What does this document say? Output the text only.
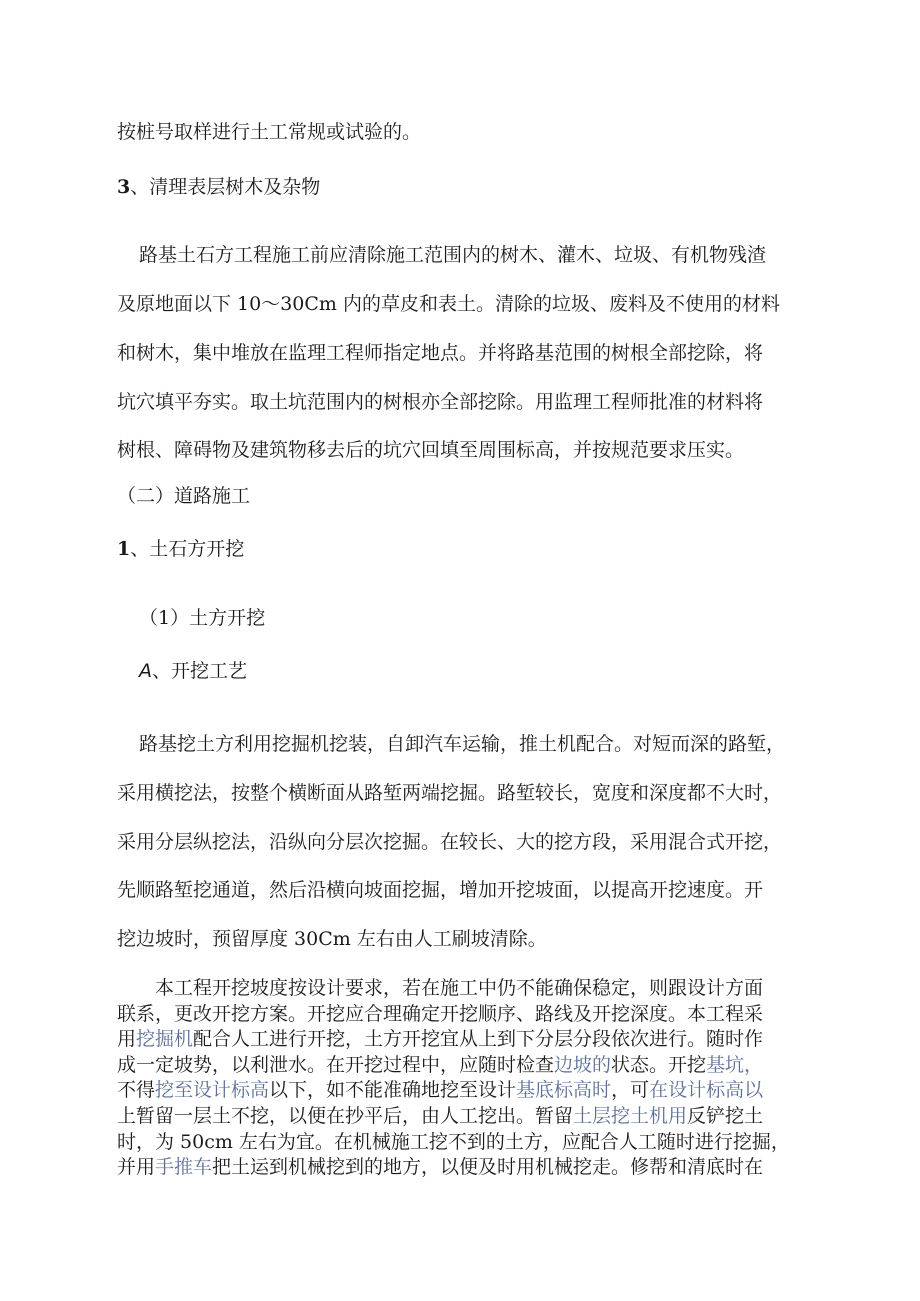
按桩号取样进行土工常规或试验的。
3、清理表层树木及杂物
路基土石方工程施工前应清除施工范围内的树木、灌木、垃圾、有机物残渣
及原地面以下 10～30Cm 内的草皮和表土。清除的垃圾、废料及不使用的材料
和树木，集中堆放在监理工程师指定地点。并将路基范围的树根全部挖除，将
坑穴填平夯实。取土坑范围内的树根亦全部挖除。用监理工程师批准的材料将
树根、障碍物及建筑物移去后的坑穴回填至周围标高，并按规范要求压实。
（二）道路施工
1、土石方开挖
（1）土方开挖
A、开挖工艺
路基挖土方利用挖掘机挖装，自卸汽车运输，推土机配合。对短而深的路堑，
采用横挖法，按整个横断面从路堑两端挖掘。路堑较长，宽度和深度都不大时，
采用分层纵挖法，沿纵向分层次挖掘。在较长、大的挖方段，采用混合式开挖，
先顺路堑挖通道，然后沿横向坡面挖掘，增加开挖坡面，以提高开挖速度。开
挖边坡时，预留厚度 30Cm 左右由人工刷坡清除。
本工程开挖坡度按设计要求，若在施工中仍不能确保稳定，则跟设计方面
联系，更改开挖方案。开挖应合理确定开挖顺序、路线及开挖深度。本工程采
用挖掘机配合人工进行开挖，土方开挖宜从上到下分层分段依次进行。随时作
成一定坡势，以利泄水。在开挖过程中，应随时检查边坡的状态。开挖基坑，
不得挖至设计标高以下，如不能准确地挖至设计基底标高时，可在设计标高以
上暂留一层土不挖，以便在抄平后，由人工挖出。暂留土层挖土机用反铲挖土
时，为 50cm 左右为宜。在机械施工挖不到的土方，应配合人工随时进行挖掘，
并用手推车把土运到机械挖到的地方，以便及时用机械挖走。修帮和清底时在
